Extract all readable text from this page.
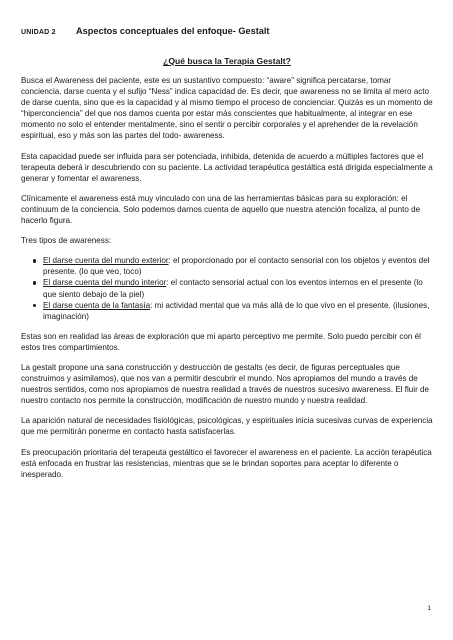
UNIDAD 2	Aspectos conceptuales del enfoque- Gestalt
¿Qué busca la Terapia Gestalt?

Busca el Awareness del paciente, este es un sustantivo compuesto: “aware” significa percatarse, tomar conciencia, darse cuenta y el sufijo “Ness” indica capacidad de. Es decir, que awareness no se limita al mero acto de darse cuenta, sino que es la capacidad y al mismo tiempo el proceso de concienciar. Quizás es un momento de “hiperconciencia” del que nos damos cuenta por estar más conscientes que habitualmente, al integrar en ese momento no solo el entender mentalmente, sino el sentir o percibir corporales y el aprehender de la revelación espiritual, eso y más son las partes del todo- awareness.

Esta capacidad puede ser influida para ser potenciada, inhibida, detenida de acuerdo a múltiples factores que el terapeuta deberá ir descubriendo con su paciente. La actividad terapéutica gestáltica está dirigida especialmente a generar y fomentar el awareness.

Clínicamente el awareness está muy vinculado con una de las herramientas básicas para su exploración: el continuum de la conciencia. Solo podemos darnos cuenta de aquello que nuestra atención focaliza, al punto de hacerlo figura.

Tres tipos de awareness:

El darse cuenta del mundo exterior: el proporcionado por el contacto sensorial con los objetos y eventos del presente. (lo que veo, toco)
El darse cuenta del mundo interior: el contacto sensorial actual con los eventos internos en el presente (lo que siento debajo de la piel)
El darse cuenta de la fantasía: mi actividad mental que va más allá de lo que vivo en el presente. (ilusiones, imaginación)

Estas son en realidad las áreas de exploración que mi aparto perceptivo me permite. Solo puedo percibir con él estos tres compartimientos.

La gestalt propone una sana construcción y destrucción de gestalts (es decir, de figuras perceptuales que construimos y asimilamos), que nos van a permitir descubrir el mundo. Nos apropiamos del mundo a través de nuestros sentidos, como nos apropiamos de nuestra realidad a través de nuestros sucesivo awareness. El fluir de nuestro contacto nos permite la construcción, modificación de nuestro mundo y nuestra realidad.

La aparición natural de necesidades fisiológicas, psicológicas, y espirituales inicia sucesivas curvas de experiencia que me permitirán ponerme en contacto hasta satisfacerlas.

Es preocupación prioritaria del terapeuta gestáltico el favorecer el awareness en el paciente. La acción terapéutica está enfocada en frustrar las resistencias, mientras que se le brindan soportes para aceptar lo diferente o inesperado.

1
